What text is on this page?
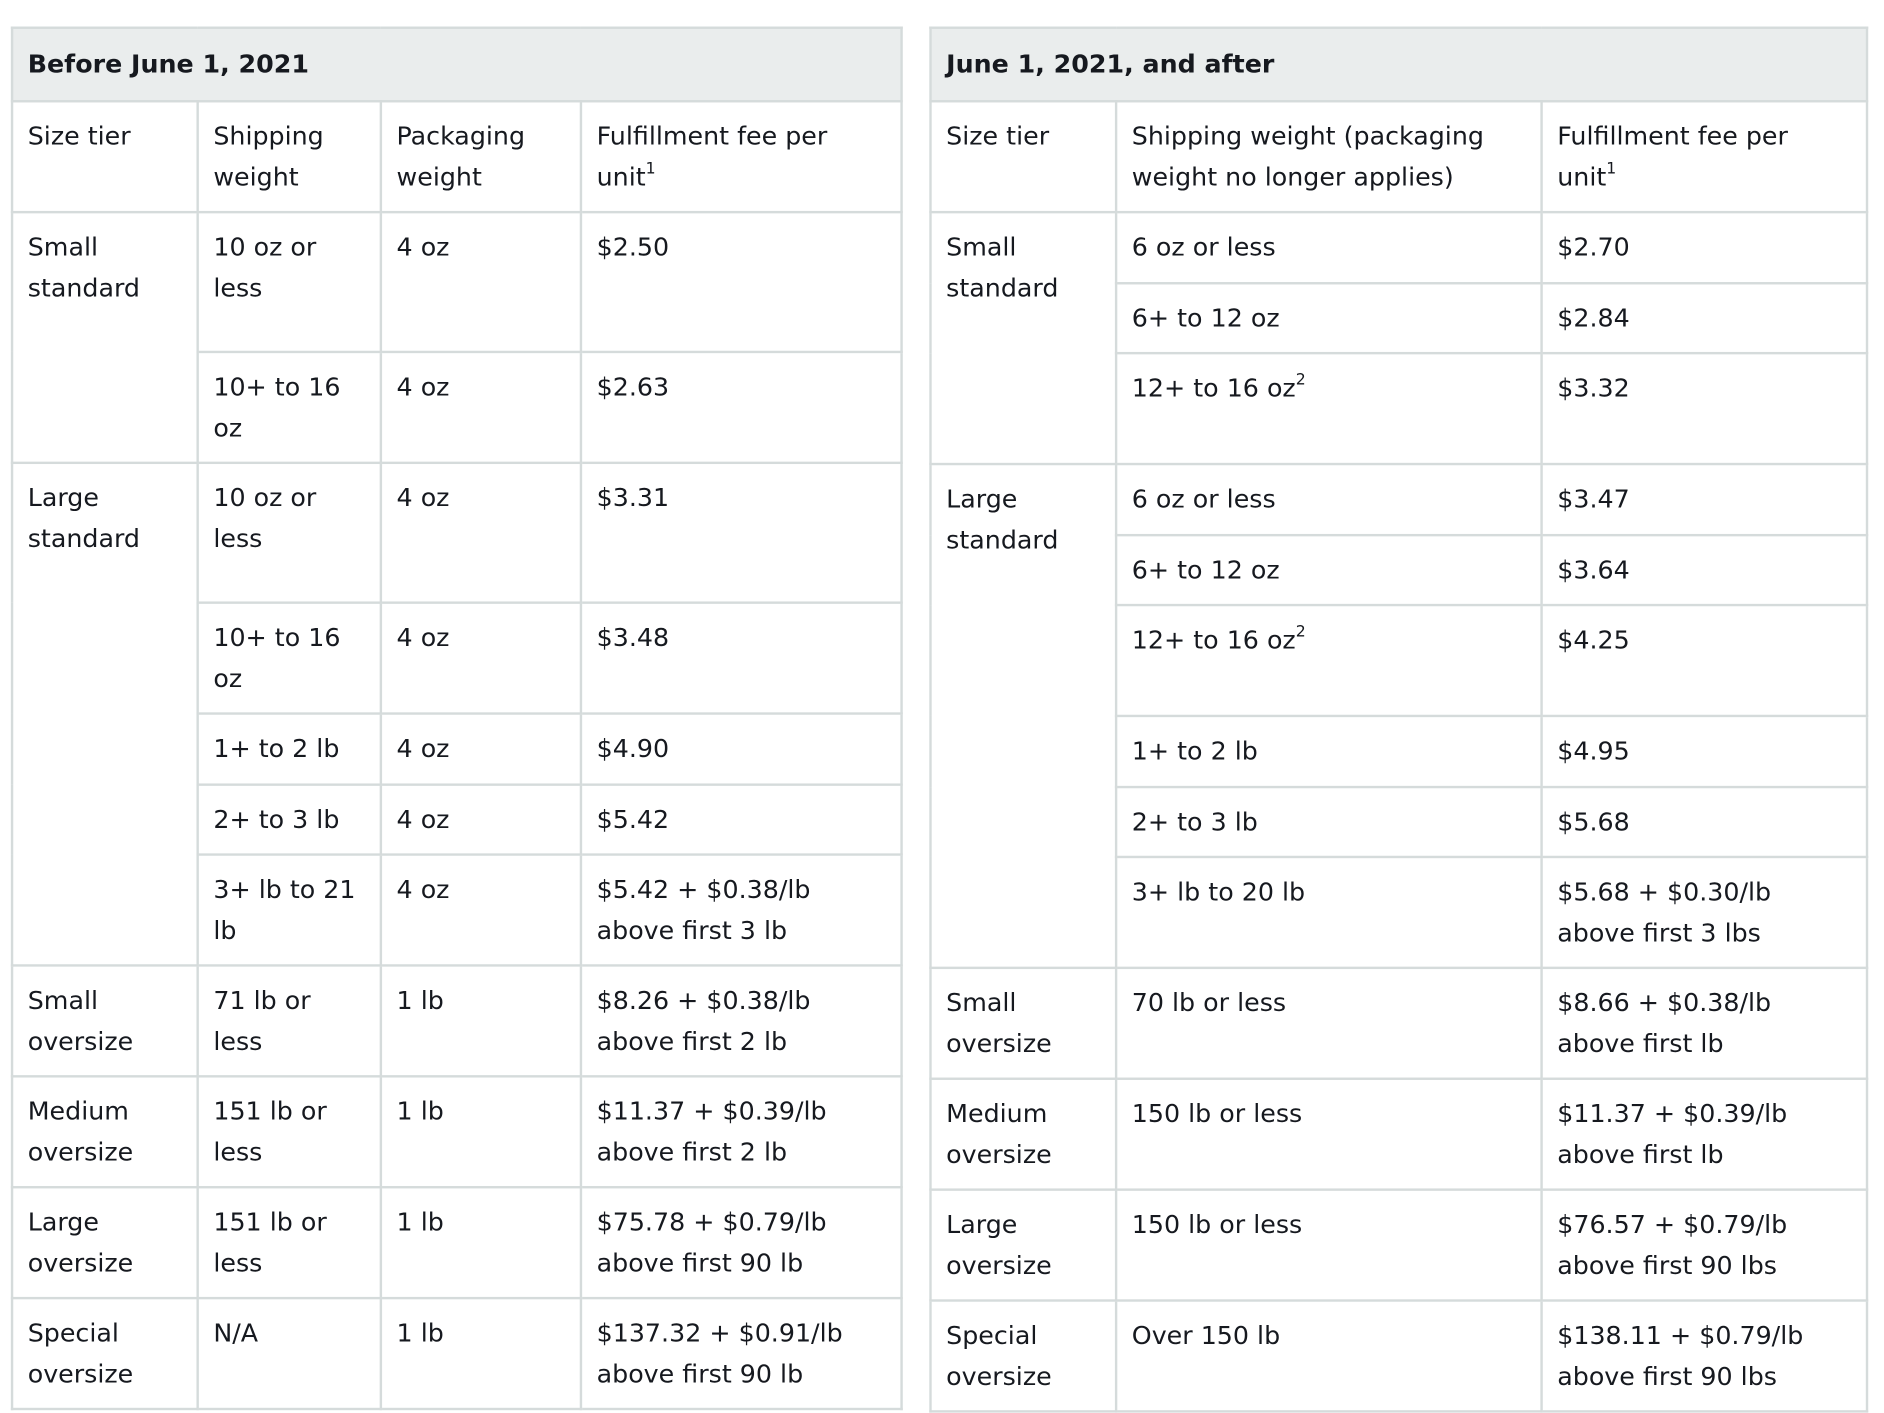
Before June 1, 2021			
Size tier	Shipping weight	Packaging weight	Fulfillment fee per unit$^1$
Small standard	10 oz or less	4 oz	$2.50
	10+ to 16 oz	4 oz	$2.63
Large standard	10 oz or less	4 oz	$3.31
	10+ to 16 oz	4 oz	$3.48
	1+ to 2 lb	4 oz	$4.90
	2+ to 3 lb	4 oz	$5.42
	3+ lb to 21 lb	4 oz	$5.42 + $0.38/lb above first 3 lb
Small oversize	71 lb or less	1 lb	$8.26 + $0.38/lb above first 2 lb
Medium oversize	151 lb or less	1 lb	$11.37 + $0.39/lb above first 2 lb
Large oversize	151 lb or less	1 lb	$75.78 + $0.79/lb above first 90 lb
Special oversize	N/A	1 lb	$137.32 + $0.91/lb above first 90 lb
June 1, 2021, and after		
Size tier	Shipping weight (packaging weight no longer applies)	Fulfillment fee per unit$^1$
Small standard	6 oz or less	$2.70
	6+ to 12 oz	$2.84
	12+ to 16 $oz^2$	$3.32
Large standard	6 oz or less	$3.47
	6+ to 12 oz	$3.64
	12+ to 16 $oz^2$	$4.25
	1+ to 2 lb	$4.95
	2+ to 3 lb	$5.68
	3+ lb to 20 lb	$5.68 + $0.30/lb above first 3 lbs
Small oversize	70 lb or less	$8.66 + $0.38/lb above first lb
Medium oversize	150 lb or less	$11.37 + $0.39/lb above first lb
Large oversize	150 lb or less	$76.57 + $0.79/lb above first 90 lbs
Special oversize	Over 150 lb	$138.11 + $0.79/lb above first 90 lbs
